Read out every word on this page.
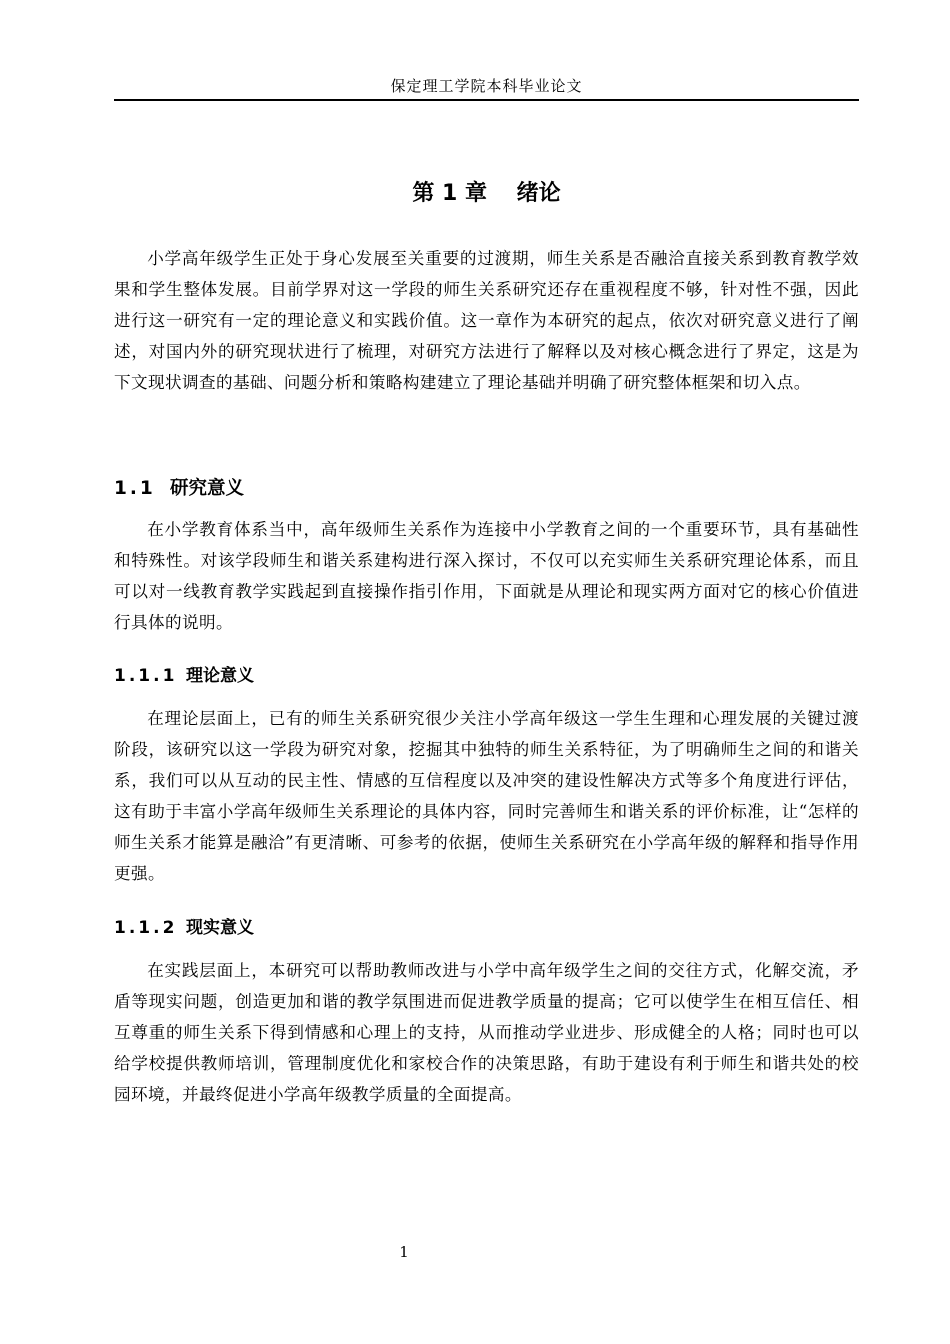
保定理工学院本科毕业论文
第 1 章　 绪论

小学高年级学生正处于身心发展至关重要的过渡期，师生关系是否融洽直接关系到教育教学效果和学生整体发展。目前学界对这一学段的师生关系研究还存在重视程度不够，针对性不强，因此进行这一研究有一定的理论意义和实践价值。这一章作为本研究的起点，依次对研究意义进行了阐述，对国内外的研究现状进行了梳理，对研究方法进行了解释以及对核心概念进行了界定，这是为下文现状调查的基础、问题分析和策略构建建立了理论基础并明确了研究整体框架和切入点。

1.1 研究意义

在小学教育体系当中，高年级师生关系作为连接中小学教育之间的一个重要环节，具有基础性和特殊性。对该学段师生和谐关系建构进行深入探讨，不仅可以充实师生关系研究理论体系，而且可以对一线教育教学实践起到直接操作指引作用，下面就是从理论和现实两方面对它的核心价值进行具体的说明。

1.1.1 理论意义

在理论层面上，已有的师生关系研究很少关注小学高年级这一学生生理和心理发展的关键过渡阶段，该研究以这一学段为研究对象，挖掘其中独特的师生关系特征，为了明确师生之间的和谐关系，我们可以从互动的民主性、情感的互信程度以及冲突的建设性解决方式等多个角度进行评估，这有助于丰富小学高年级师生关系理论的具体内容，同时完善师生和谐关系的评价标准，让“怎样的师生关系才能算是融洽”有更清晰、可参考的依据，使师生关系研究在小学高年级的解释和指导作用更强。

1.1.2 现实意义

在实践层面上，本研究可以帮助教师改进与小学中高年级学生之间的交往方式，化解交流，矛盾等现实问题，创造更加和谐的教学氛围进而促进教学质量的提高；它可以使学生在相互信任、相互尊重的师生关系下得到情感和心理上的支持，从而推动学业进步、形成健全的人格；同时也可以给学校提供教师培训，管理制度优化和家校合作的决策思路，有助于建设有利于师生和谐共处的校园环境，并最终促进小学高年级教学质量的全面提高。

1
